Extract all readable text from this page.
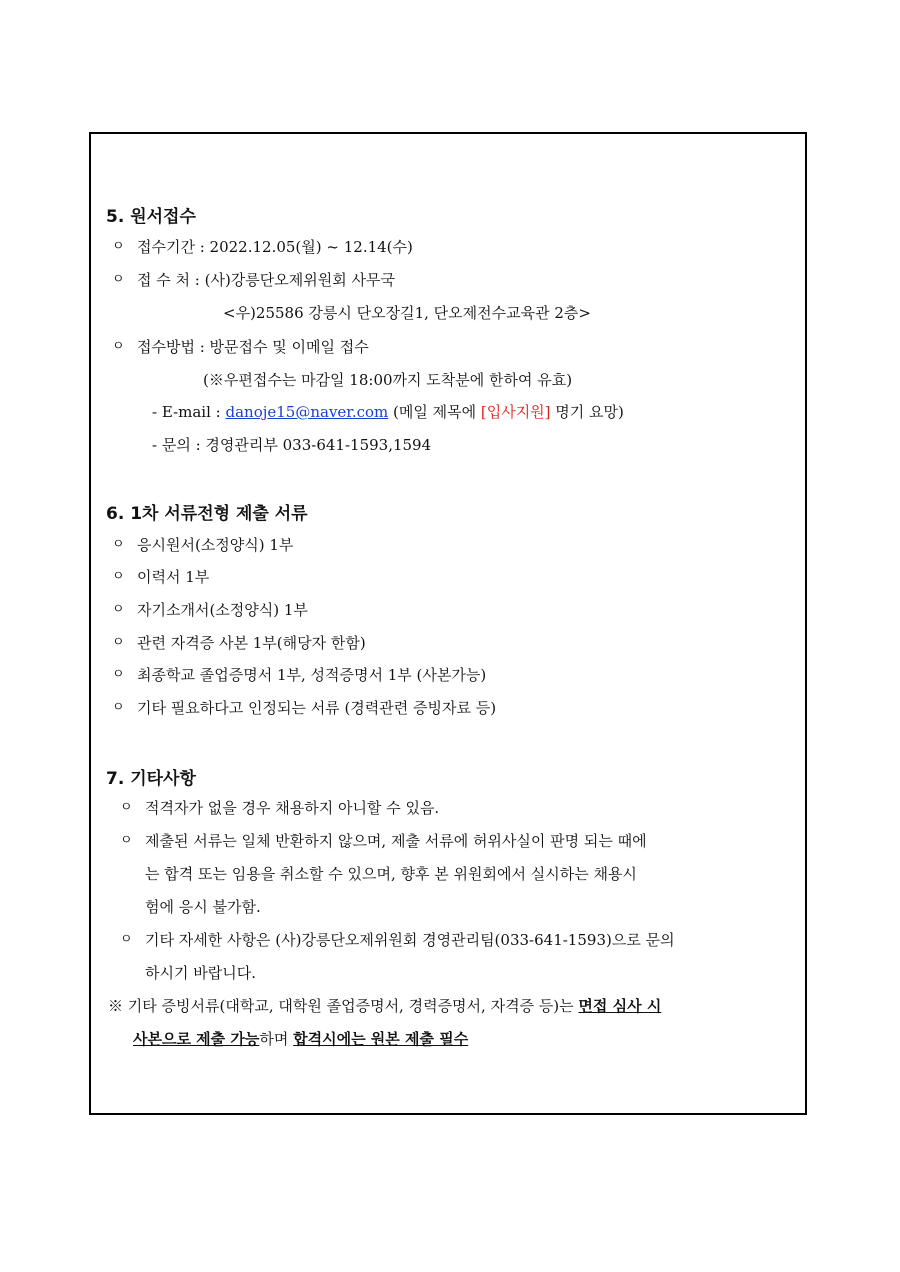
5. 원서접수
ㅇ 접수기간 : 2022.12.05(월) ~ 12.14(수)
ㅇ 접 수 처 : (사)강릉단오제위원회 사무국
<우)25586 강릉시 단오장길1, 단오제전수교육관 2층>
ㅇ 접수방법 : 방문접수 및 이메일 접수
(※우편접수는 마감일 18:00까지 도착분에 한하여 유효)
- E-mail : danoje15@naver.com (메일 제목에 [입사지원] 명기 요망)
- 문의 : 경영관리부 033-641-1593,1594
6. 1차 서류전형 제출 서류
ㅇ 응시원서(소정양식) 1부
ㅇ 이력서 1부
ㅇ 자기소개서(소정양식) 1부
ㅇ 관련 자격증 사본 1부(해당자 한함)
ㅇ 최종학교 졸업증명서 1부, 성적증명서 1부 (사본가능)
ㅇ 기타 필요하다고 인정되는 서류 (경력관련 증빙자료 등)
7. 기타사항
ㅇ 적격자가 없을 경우 채용하지 아니할 수 있음.
ㅇ 제출된 서류는 일체 반환하지 않으며, 제출 서류에 허위사실이 판명 되는 때에
는 합격 또는 임용을 취소할 수 있으며, 향후 본 위원회에서 실시하는 채용시
험에 응시 불가함.
ㅇ 기타 자세한 사항은 (사)강릉단오제위원회 경영관리팀(033-641-1593)으로 문의
하시기 바랍니다.
※ 기타 증빙서류(대학교, 대학원 졸업증명서, 경력증명서, 자격증 등)는 면접 심사 시
사본으로 제출 가능하며 합격시에는 원본 제출 필수
